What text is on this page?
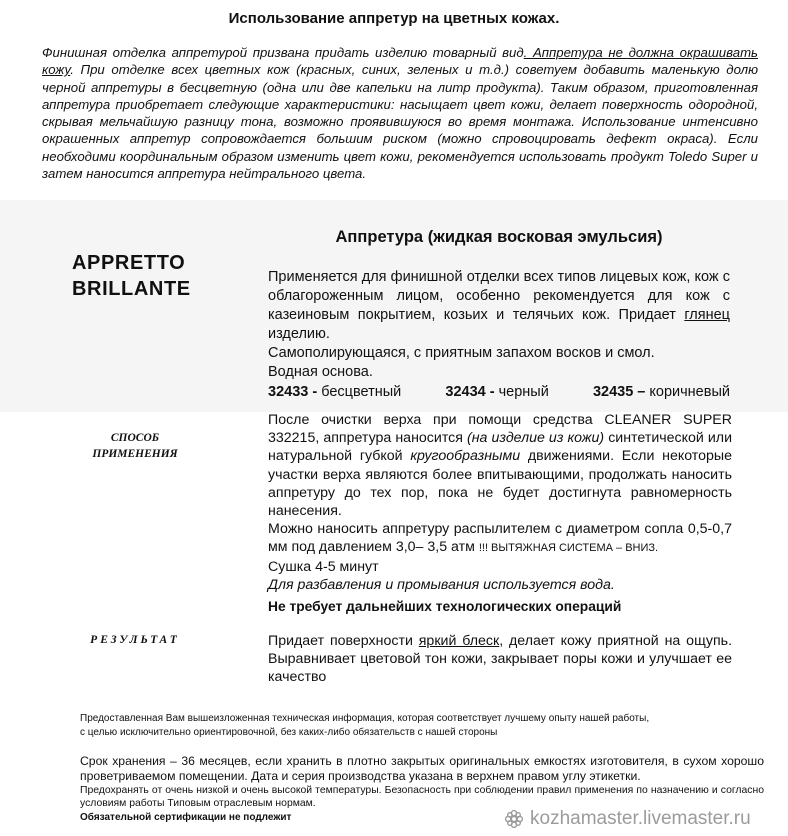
Использование аппретур на цветных кожах.
Финишная отделка аппретурой призвана придать изделию товарный вид. Аппретура не должна окрашивать кожу. При отделке всех цветных кож (красных, синих, зеленых и т.д.) советуем добавить маленькую долю черной аппретуры в бесцветную (одна или две капельки на литр продукта). Таким образом, приготовленная аппретура приобретает следующие характеристики: насыщает цвет кожи, делает поверхность одородной, скрывая мельчайшую разницу тона, возможно проявившуюся во время монтажа. Использование интенсивно окрашенных аппретур сопровождается большим риском (можно спровоцировать дефект окраса). Если необходими координальным образом изменить цвет кожи, рекомендуется использовать продукт Toledo Super и затем наносится аппретура нейтрального цвета.
APPRETTO
BRILLANTE
Аппретура (жидкая восковая эмульсия)
Применяется для финишной отделки всех типов лицевых кож, кож с облагороженным лицом, особенно рекомендуется для кож с казеиновым покрытием, козьих и телячьих кож. Придает глянец изделию.
Самополирующаяся, с приятным запахом восков и смол.
Водная основа.
32433 - бесцветный	32434 - черный	32435 – коричневый
СПОСОБ
ПРИМЕНЕНИЯ
После очистки верха при помощи средства CLEANER SUPER 332215, аппретура наносится (на изделие из кожи) синтетической или натуральной губкой кругообразными движениями. Если некоторые участки верха являются более впитывающими, продолжать наносить аппретуру до тех пор, пока не будет достигнута равномерность нанесения.
Можно наносить аппретуру распылителем с диаметром сопла 0,5-0,7 мм под давлением 3,0– 3,5 атм !!! ВЫТЯЖНАЯ СИСТЕМА – ВНИЗ.
Сушка 4-5 минут
Для разбавления и промывания используется вода.
Не требует дальнейших технологических операций
РЕЗУЛЬТАТ	Придает поверхности яркий блеск, делает кожу приятной на ощупь. Выравнивает цветовой тон кожи, закрывает поры кожи и улучшает ее качество
Предоставленная Вам вышеизложенная техническая информация, которая соответствует лучшему опыту нашей работы,
с целью исключительно ориентировочной, без каких-либо обязательств с нашей стороны
Срок хранения – 36 месяцев, если хранить в плотно закрытых оригинальных емкостях изготовителя, в сухом хорошо проветриваемом помещении. Дата и серия производства указана в верхнем правом углу этикетки.
Предохранять от очень низкой и очень высокой температуры. Безопасность при соблюдении правил применения по назначению и согласно условиям работы Типовым отраслевым нормам.
Обязательной сертификации не подлежит	kozhamaster.livemaster.ru
